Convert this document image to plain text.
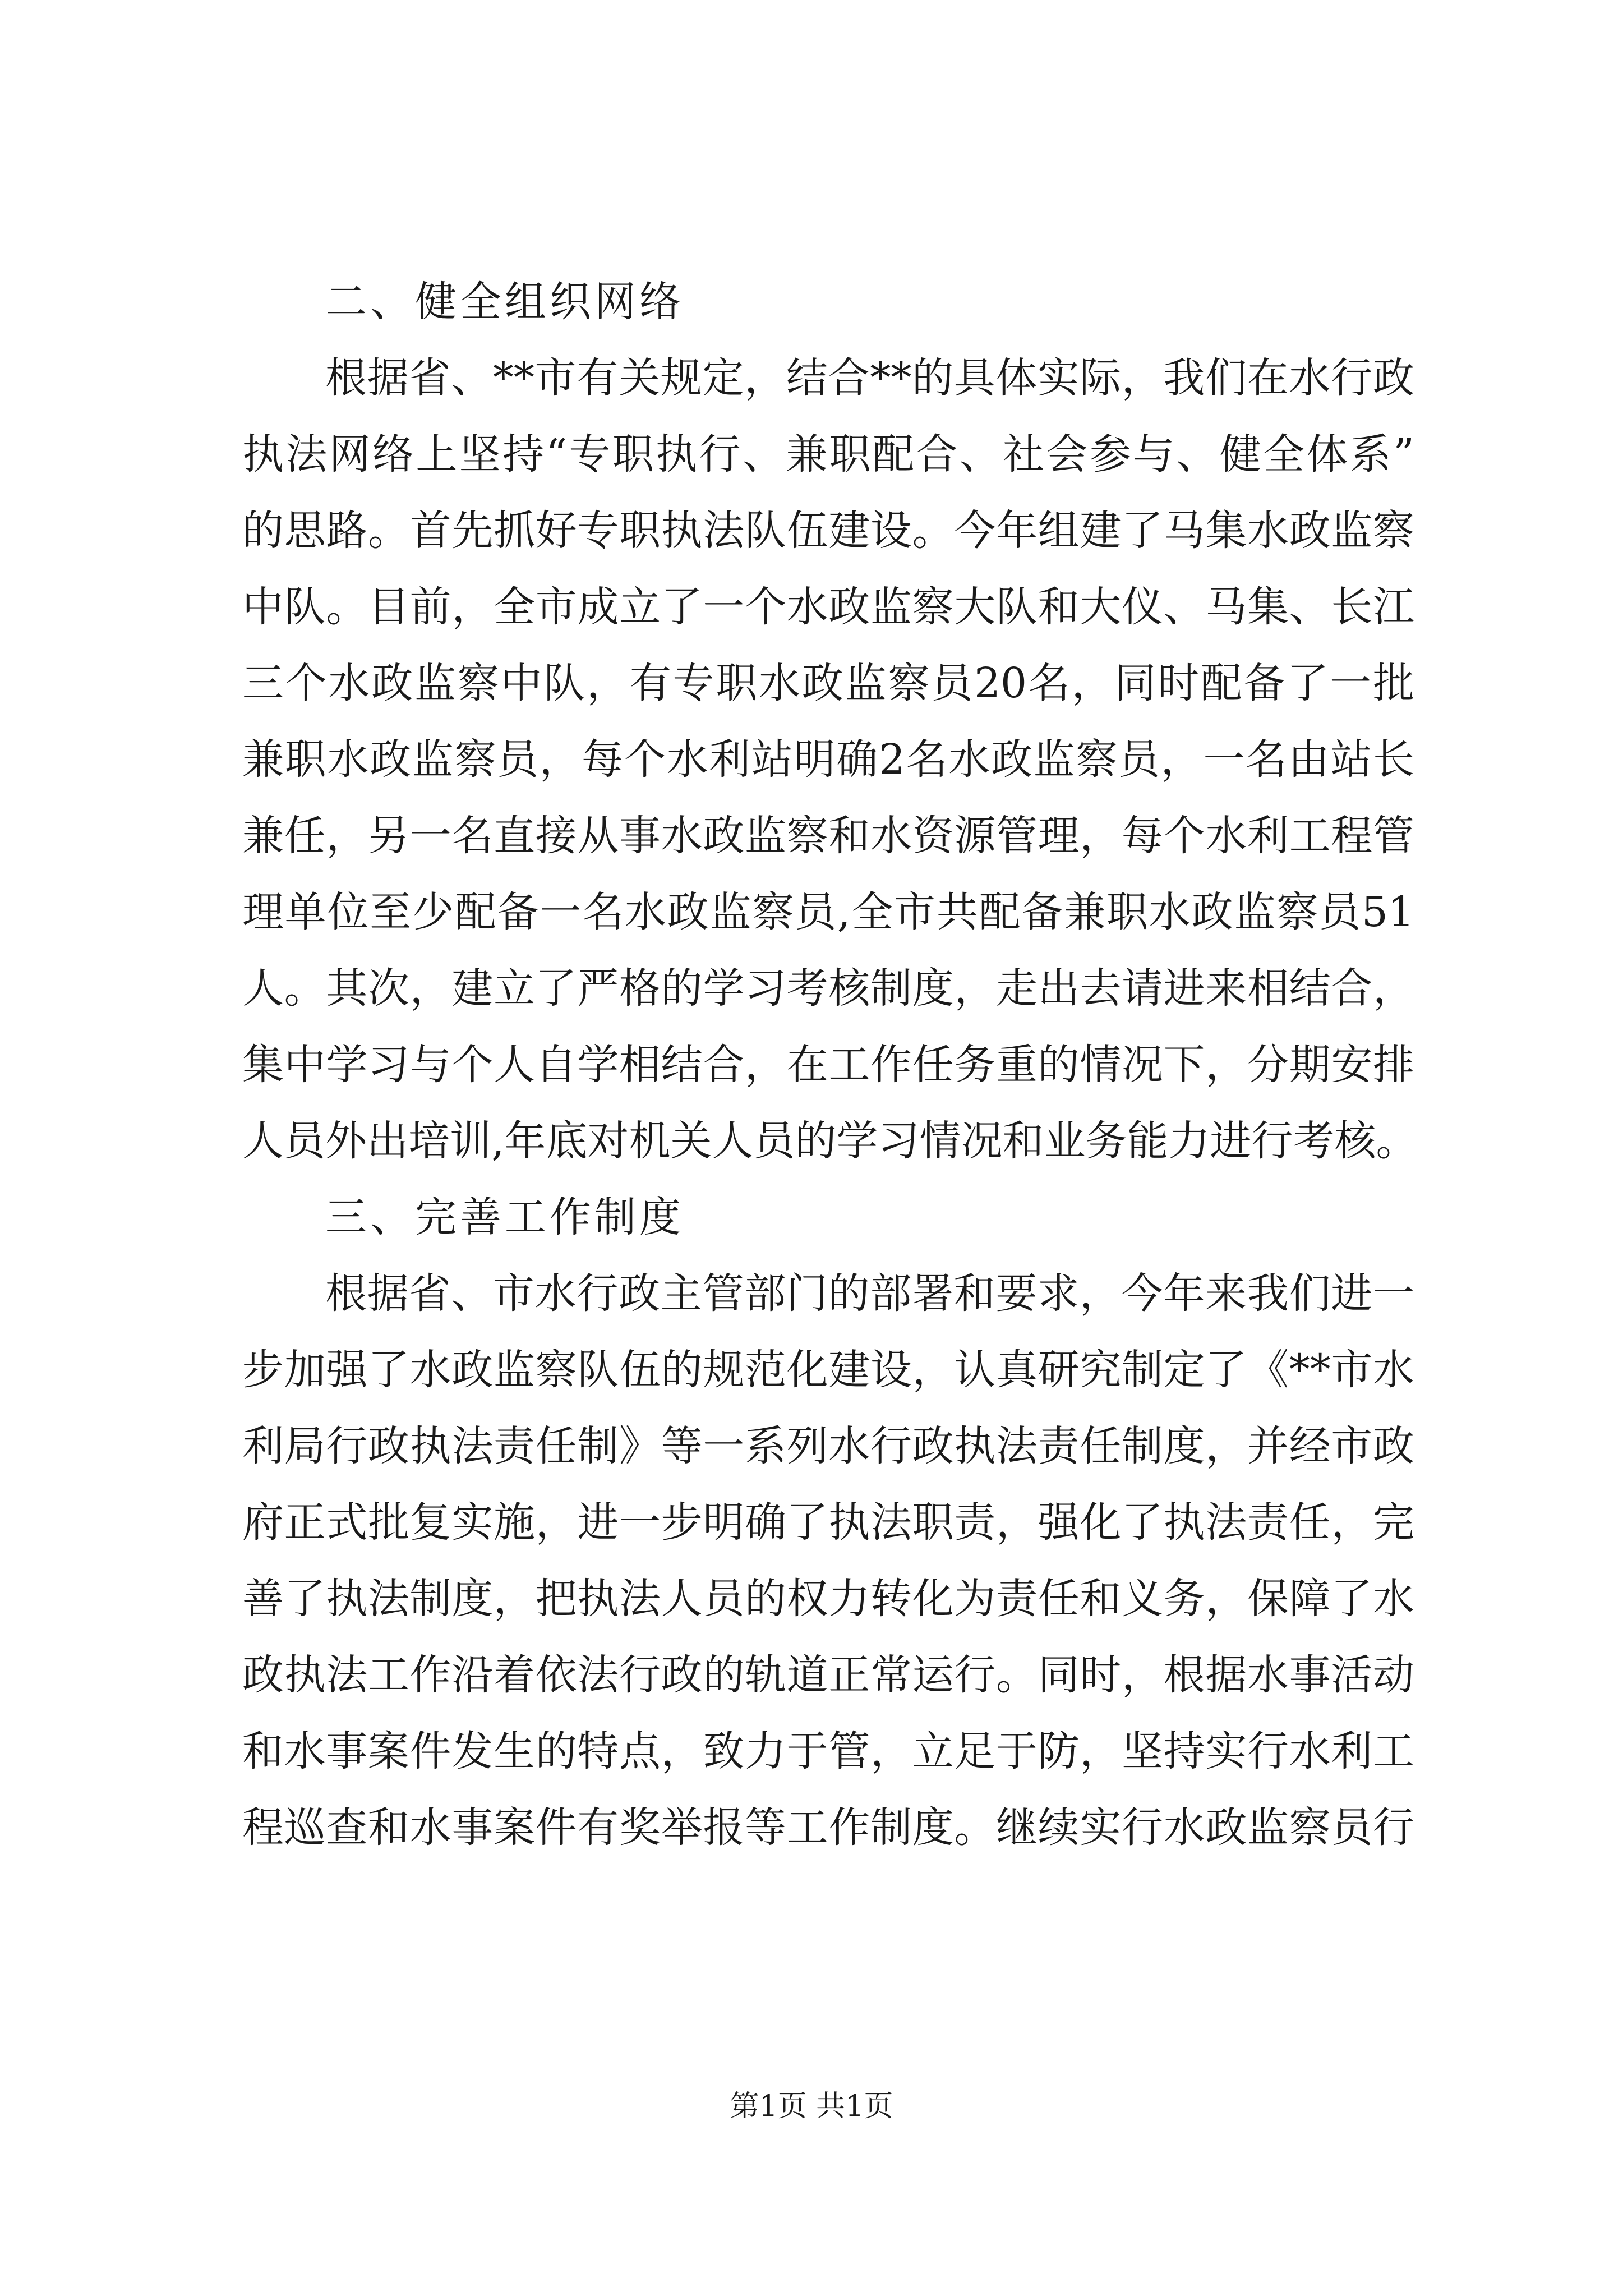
二、健全组织网络
根据省、**市有关规定，结合**的具体实际，我们在水行政
执法网络上坚持“专职执行、兼职配合、社会参与、健全体系”
的思路。首先抓好专职执法队伍建设。今年组建了马集水政监察
中队。目前，全市成立了一个水政监察大队和大仪、马集、长江
三个水政监察中队，有专职水政监察员20名，同时配备了一批
兼职水政监察员，每个水利站明确2名水政监察员，一名由站长
兼任，另一名直接从事水政监察和水资源管理，每个水利工程管
理单位至少配备一名水政监察员,全市共配备兼职水政监察员51
人。其次，建立了严格的学习考核制度，走出去请进来相结合，
集中学习与个人自学相结合，在工作任务重的情况下，分期安排
人员外出培训,年底对机关人员的学习情况和业务能力进行考核。
三、完善工作制度
根据省、市水行政主管部门的部署和要求，今年来我们进一
步加强了水政监察队伍的规范化建设，认真研究制定了《**市水
利局行政执法责任制》等一系列水行政执法责任制度，并经市政
府正式批复实施，进一步明确了执法职责，强化了执法责任，完
善了执法制度，把执法人员的权力转化为责任和义务，保障了水
政执法工作沿着依法行政的轨道正常运行。同时，根据水事活动
和水事案件发生的特点，致力于管，立足于防，坚持实行水利工
程巡查和水事案件有奖举报等工作制度。继续实行水政监察员行
第1页 共1页
